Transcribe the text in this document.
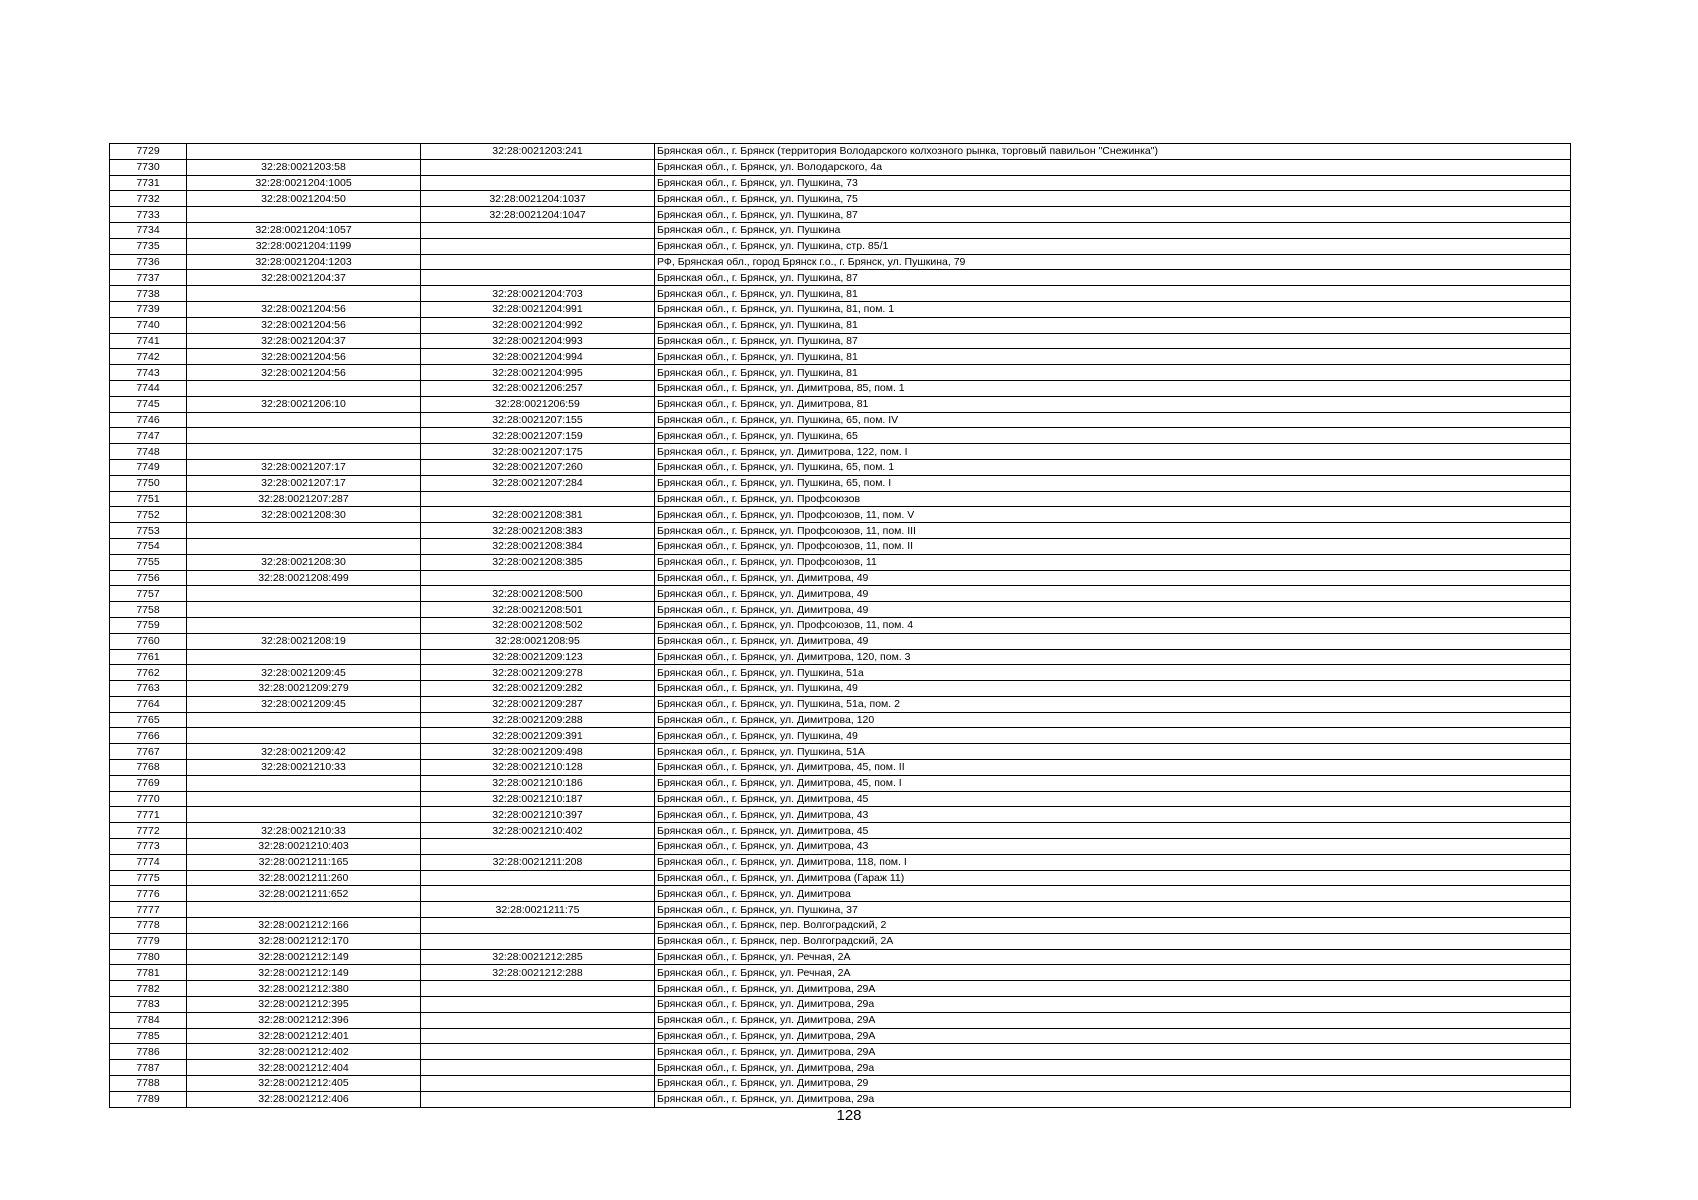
7729		32:28:0021203:241	Брянская обл., г. Брянск (территория Володарского колхозного рынка, торговый павильон "Снежинка")
7730	32:28:0021203:58		Брянская обл., г. Брянск, ул. Володарского, 4а
7731	32:28:0021204:1005		Брянская обл., г. Брянск, ул. Пушкина, 73
7732	32:28:0021204:50	32:28:0021204:1037	Брянская обл., г. Брянск, ул. Пушкина, 75
7733		32:28:0021204:1047	Брянская обл., г. Брянск, ул. Пушкина, 87
7734	32:28:0021204:1057		Брянская обл., г. Брянск, ул. Пушкина
7735	32:28:0021204:1199		Брянская обл., г. Брянск, ул. Пушкина, стр. 85/1
7736	32:28:0021204:1203		РФ, Брянская обл., город Брянск г.о., г. Брянск, ул. Пушкина, 79
7737	32:28:0021204:37		Брянская обл., г. Брянск, ул. Пушкина, 87
7738		32:28:0021204:703	Брянская обл., г. Брянск, ул. Пушкина, 81
7739	32:28:0021204:56	32:28:0021204:991	Брянская обл., г. Брянск, ул. Пушкина, 81, пом. 1
7740	32:28:0021204:56	32:28:0021204:992	Брянская обл., г. Брянск, ул. Пушкина, 81
7741	32:28:0021204:37	32:28:0021204:993	Брянская обл., г. Брянск, ул. Пушкина, 87
7742	32:28:0021204:56	32:28:0021204:994	Брянская обл., г. Брянск, ул. Пушкина, 81
7743	32:28:0021204:56	32:28:0021204:995	Брянская обл., г. Брянск, ул. Пушкина, 81
7744		32:28:0021206:257	Брянская обл., г. Брянск, ул. Димитрова, 85, пом. 1
7745	32:28:0021206:10	32:28:0021206:59	Брянская обл., г. Брянск, ул. Димитрова, 81
7746		32:28:0021207:155	Брянская обл., г. Брянск, ул. Пушкина, 65, пом. IV
7747		32:28:0021207:159	Брянская обл., г. Брянск, ул. Пушкина, 65
7748		32:28:0021207:175	Брянская обл., г. Брянск, ул. Димитрова, 122, пом. I
7749	32:28:0021207:17	32:28:0021207:260	Брянская обл., г. Брянск, ул. Пушкина, 65, пом. 1
7750	32:28:0021207:17	32:28:0021207:284	Брянская обл., г. Брянск, ул. Пушкина, 65, пом. I
7751	32:28:0021207:287		Брянская обл., г. Брянск, ул. Профсоюзов
7752	32:28:0021208:30	32:28:0021208:381	Брянская обл., г. Брянск, ул. Профсоюзов, 11, пом. V
7753		32:28:0021208:383	Брянская обл., г. Брянск, ул. Профсоюзов, 11, пом. III
7754		32:28:0021208:384	Брянская обл., г. Брянск, ул. Профсоюзов, 11, пом. II
7755	32:28:0021208:30	32:28:0021208:385	Брянская обл., г. Брянск, ул. Профсоюзов, 11
7756	32:28:0021208:499		Брянская обл., г. Брянск, ул. Димитрова, 49
7757		32:28:0021208:500	Брянская обл., г. Брянск, ул. Димитрова, 49
7758		32:28:0021208:501	Брянская обл., г. Брянск, ул. Димитрова, 49
7759		32:28:0021208:502	Брянская обл., г. Брянск, ул. Профсоюзов, 11, пом. 4
7760	32:28:0021208:19	32:28:0021208:95	Брянская обл., г. Брянск, ул. Димитрова, 49
7761		32:28:0021209:123	Брянская обл., г. Брянск, ул. Димитрова, 120, пом. 3
7762	32:28:0021209:45	32:28:0021209:278	Брянская обл., г. Брянск, ул. Пушкина, 51а
7763	32:28:0021209:279	32:28:0021209:282	Брянская обл., г. Брянск, ул. Пушкина, 49
7764	32:28:0021209:45	32:28:0021209:287	Брянская обл., г. Брянск, ул. Пушкина, 51а, пом. 2
7765		32:28:0021209:288	Брянская обл., г. Брянск, ул. Димитрова, 120
7766		32:28:0021209:391	Брянская обл., г. Брянск, ул. Пушкина, 49
7767	32:28:0021209:42	32:28:0021209:498	Брянская обл., г. Брянск, ул. Пушкина, 51А
7768	32:28:0021210:33	32:28:0021210:128	Брянская обл., г. Брянск, ул. Димитрова, 45, пом. II
7769		32:28:0021210:186	Брянская обл., г. Брянск, ул. Димитрова, 45, пом. I
7770		32:28:0021210:187	Брянская обл., г. Брянск, ул. Димитрова, 45
7771		32:28:0021210:397	Брянская обл., г. Брянск, ул. Димитрова, 43
7772	32:28:0021210:33	32:28:0021210:402	Брянская обл., г. Брянск, ул. Димитрова, 45
7773	32:28:0021210:403		Брянская обл., г. Брянск, ул. Димитрова, 43
7774	32:28:0021211:165	32:28:0021211:208	Брянская обл., г. Брянск, ул. Димитрова, 118, пом. I
7775	32:28:0021211:260		Брянская обл., г. Брянск, ул. Димитрова (Гараж 11)
7776	32:28:0021211:652		Брянская обл., г. Брянск, ул. Димитрова
7777		32:28:0021211:75	Брянская обл., г. Брянск, ул. Пушкина, 37
7778	32:28:0021212:166		Брянская обл., г. Брянск, пер. Волгоградский, 2
7779	32:28:0021212:170		Брянская обл., г. Брянск, пер. Волгоградский, 2А
7780	32:28:0021212:149	32:28:0021212:285	Брянская обл., г. Брянск, ул. Речная, 2А
7781	32:28:0021212:149	32:28:0021212:288	Брянская обл., г. Брянск, ул. Речная, 2А
7782	32:28:0021212:380		Брянская обл., г. Брянск, ул. Димитрова, 29А
7783	32:28:0021212:395		Брянская обл., г. Брянск, ул. Димитрова, 29а
7784	32:28:0021212:396		Брянская обл., г. Брянск, ул. Димитрова, 29А
7785	32:28:0021212:401		Брянская обл., г. Брянск, ул. Димитрова, 29А
7786	32:28:0021212:402		Брянская обл., г. Брянск, ул. Димитрова, 29А
7787	32:28:0021212:404		Брянская обл., г. Брянск, ул. Димитрова, 29а
7788	32:28:0021212:405		Брянская обл., г. Брянск, ул. Димитрова, 29
7789	32:28:0021212:406		Брянская обл., г. Брянск, ул. Димитрова, 29а
128
